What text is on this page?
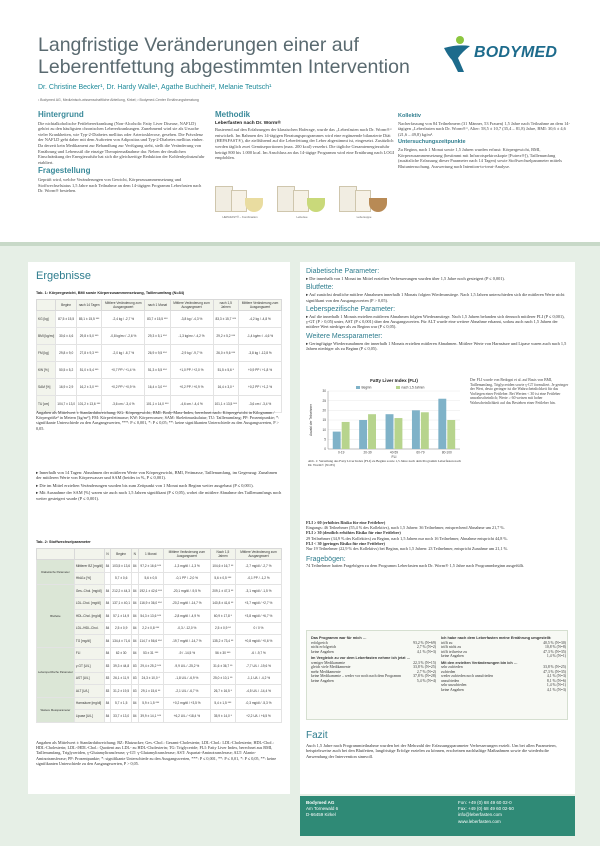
Langfristige Veränderungen einer auf Leberentfettung abgestimmten Intervention
BODYMED
Dr. Christine Becker¹, Dr. Hardy Walle¹, Agathe Buchheit², Melanie Teutsch¹
¹ Bodymed AG, Medizinisch-wissenschaftliche Abteilung, Kirkel; ² Bodymed-Center Ernährungsberatung
Hintergrund
Die nichtalkoholische Fettlebererkrankung (Non-Alcoholic Fatty Liver Disease, NAFLD) gehört zu den häufigsten chronischen Lebererkrankungen. Zunehmend wird sie als Ursache vieler Krankheiten, wie Typ-2-Diabetes mellitus oder Arteriosklerose, gesehen. Die Prävalenz der NAFLD geht daher mit dem Auftreten von Adipositas und Typ-2-Diabetes mellitus einher. Da derzeit kein Medikament zur Behandlung zur Verfügung steht, stellt die Veränderung von Ernährung und Lebensstil die einzige Therapiemaßnahme dar. Neben der deutlichen Einschränkung der Energiezufuhr hat sich die gleichzeitige Reduktion der Kohlenhydratzufuhr etabliert.
Fragestellung
Geprüft wird, welche Veränderungen von Gewicht, Körperzusammensetzung und Stoffwechselstatus 1,5 Jahre nach Teilnahme an dem 14-tägigen Programm Leberfasten nach Dr. Worm® bestehen.
Methodik
Leberfasten nach Dr. Worm®
Basierend auf den Erfahrungen der klassischen Haferage, wurde das „Leberfasten nach Dr. Worm®“ entwickelt. Im Rahmen des 14-tägigen Beratungsprogrammes wird eine ergänzende bilanzierte Diät (HEPAFAST®), die zielführend auf die Leberfettung der Leber abgestimmt ist, eingesetzt. Zusätzlich werden täglich zwei Gemüseportionen (max. 200 kcal) verzehrt. Die tägliche Gesamtenergiezufuhr beträgt 800 bis 1.000 kcal. Im Anschluss an das 14-tägige Programm wird eine Ernährung nach LOGI empfohlen.
HEPAFAST® – Kombination	Lebertee	Lebersuppe
Kollektiv
Nacherfassung von 84 Teilnehmern (31 Männer, 53 Frauen) 1,5 Jahre nach Teilnahme an dem 14-tägigen „Leberfasten nach Dr. Worm®“, Alter: 58,5 ± 10,7 (35,4 – 81,8) Jahre, BMI: 30,6 ± 4,6 (21,6 – 49,8) kg/m².
Untersuchungszeitpunkte
Zu Beginn, nach 1 Monat sowie 1,5 Jahren wurden erfasst: Körpergewicht, BMI, Körperzusammensetzung (bestimmt mit Infrarotspektroskopie [Futrex®]), Taillenumfang (zusätzliche Erfassung dieser Parameter nach 14 Tagen) sowie Stoffwechselparameter mittels Blutuntersuchung. Auswertung nach Intention-to-treat-Analyse.
Ergebnisse
Tab. 1: Körpergewicht, BMI sowie Körperzusammensetzung, Taillenumfang (N=84)
	Beginn	nach 14 Tagen	Mittlere Veränderung zum Ausgangswert	nach 1 Monat	Mittlere Veränderung zum Ausgangswert	nach 1,5 Jahren	Mittlere Veränderung zum Ausgangswert
KG [kg]	87,5 ± 15,5	85,1 ± 15,5 ***	-2,4 kg / -2,7 %	83,7 ± 15,5 ***	-3,8 kg / -4,3 %	83,3 ± 15,7 ***	-4,2 kg / -4,8 %
BMI [kg/m²]	30,6 ± 4,6	29,8 ± 5,0 ***	-0,8 kg/m² / -2,6 %	29,3 ± 5,1 ***	-1,3 kg/m² / -4,2 %	29,2 ± 5,2 ***	-1,4 kg/m² / -4,6 %
FM [kg]	29,8 ± 9,0	27,8 ± 9,3 ***	-2,0 kg / -6,7 %	26,9 ± 9,5 ***	-2,9 kg / -9,7 %	26,0 ± 9,6 ***	-3,8 kg / -12,8 %
KW [%]	50,5 ± 5,2	51,0 ± 5,4 ***	+0,7 PP / +1,4 %	51,3 ± 5,5 ***	+1,0 PP / +2,0 %	51,5 ± 5,6 *	+0,9 PP / +1,8 %
SAM [%]	16,9 ± 2,9	16,2 ± 3,0 ***	+0,2 PP / +0,9 %	16,4 ± 3,0 ***	+0,2 PP / +0,9 %	16,4 ± 3,0 *	+0,2 PP / +1,2 %
TU [cm]	104,7 ± 13,0	101,2 ± 13,6 ***	-3,6 cm / -3,4 %	101,1 ± 14,0 ***	-4,6 cm / -4,4 %	101,1 ± 13,5 ***	-3,6 cm / -3,4 %
Angaben als Mittelwert ± Standardabweichung; KG: Körpergewicht; BMI: Body-Mass-Index, berechnet nach: Körpergewicht in Kilogramm / Körpergröße² in Metern [kg/m²]; FM: Körperfettmasse; KW: Körperwasser; SAM: Skelettmuskulatur; TU: Taillenumfang; PP: Prozentpunkte; *: signifikante Unterschiede zu den Ausgangswerten, ***: P ≤ 0,001, *: P ≤ 0,05; **: keine signifikanten Unterschiede zu den Ausgangswerten, P > 0,05.
▸ Innerhalb von 14 Tagen: Abnahmen der mittleren Werte von Körpergewicht, BMI, Fettmasse, Taillenumfang, im Gegenzug: Zunahmen der mittleren Werte von Körperwasser und SAM (beides in %, P ≤ 0,001).
▸ Die im Mittel erzielten Veränderungen wurden bis zum Zeitpunkt von 1 Monat nach Beginn weiter ausgebaut (P ≤ 0,001).
▸ Mit Ausnahme der SAM [%] waren sie auch nach 1,5 Jahren signifikant (P ≤ 0,05), wobei die mittlere Abnahme des Taillenumfangs noch weiter gesteigert wurde (P ≤ 0,001).
Tab. 2: Stoffwechselparameter
		N	Beginn	N	1 Monat	Mittlere Veränderung zum Ausgangswert	Nach 1,5 Jahren	Mittlere Veränderung zum Ausgangswert
Diabetische Parameter	Mittlerer BZ [mg/dl]	84	103,5 ± 13,6	84	97,2 ± 16,6 ***	-1,3 mg/dl / -1,3 %	104,6 ± 16,7 **	-2,7 mg/dl / -2,7 %
	HbA1c [%]		5,7 ± 0,6		5,6 ± 0,5	-0,1 PP / -2,0 %	5,6 ± 0,5 ***	-0,1 PP / -1,2 %
Blutfette	Ges.-Chol. [mg/dl]	84	212,2 ± 44,3	84	192,1 ± 42,6 ***	-20,1 mg/dl / -9,5 %	209,1 ± 47,3 **	-3,1 mg/dl / -1,5 %
	LDL-Chol. [mg/dl]	84	137,1 ± 40,1	84	116,9 ± 36,0 ***	-20,2 mg/dl / -14,7 %	140,8 ± 41,6 **	+3,7 mg/dl / +2,7 %
	HDL-Chol. [mg/dl]	84	57,1 ± 14,9	84	54,3 ± 13,6 ***	-2,8 mg/dl / -4,9 %	60,9 ± 17,8 *	+3,8 mg/dl / +6,7 %
	LDL-/HDL-Chol.	84	2,5 ± 0,9	84	2,2 ± 0,8 ***	-0,3 / -12,0 %	2,5 ± 0,9 **	0 / 0 %
	TG [mg/dl]	84	134,4 ± 71,6	84	114,7 ± 56,6 ***	-19,7 mg/dl / -14,7 %	135,2 ± 73,4 **	+0,8 mg/dl / +0,6 %
Leberspezifische Parameter	FLI	84	62 ± 30	84	53 ± 31 ***	-9 / -14,5 %	56 ± 30 ***	-6 / -9,7 %
	γ-GT [U/L]	83	39,3 ± 44,8	83	29,4 ± 25,2 ***	-9,9 U/L / -25,2 %	31,6 ± 36,7 **	-7,7 U/L / -19,6 %
	AST [U/L]	83	26,1 ± 11,9	83	24,3 ± 10,0 *	-1,8 U/L / -6,9 %	25,0 ± 10,1 **	-1,1 U/L / -4,2 %
	ALT [U/L]	83	31,2 ± 19,5	83	29,1 ± 15,6 **	-2,1 U/L / -6,7 %	26,7 ± 16,5 *	-4,5 U/L / -14,4 %
Weitere Messparameter	Harnsäure [mg/dl]	84	5,7 ± 1,5	84	5,9 ± 1,5 ***	+0,2 mg/dl / +3,5 %	5,4 ± 1,5 ***	-0,3 mg/dl / -5,3 %
	Lipase [U/L]	84	33,7 ± 13,0	84	39,9 ± 14,1 ***	+6,2 U/L / +18,4 %	35,9 ± 14,0 *	+2,2 U/L / +6,5 %
Angaben als Mittelwert ± Standardabweichung; BZ: Blutzucker; Ges.-Chol.: Gesamt-Cholesterin; LDL-Chol.: LDL-Cholesterin; HDL-Chol.: HDL-Cholesterin; LDL-/HDL-Chol.: Quotient aus LDL- zu HDL-Cholesterin; TG: Triglyceride; FLI: Fatty Liver Index, berechnet aus BMI, Taillenumfang, Triglyceriden, γ-Glutamyltransferase; γ-GT: γ-Glutamyltransferase; AST: Aspartat-Aminotransferase; ALT: Alanin-Aminotransferase; PP: Prozentpunkte; *: signifikante Unterschiede zu den Ausgangswerten, ***: P ≤ 0,001, **: P ≤ 0,01, *: P ≤ 0,05, **: keine signifikanten Unterschiede zu den Ausgangswerten, P > 0,05.
Diabetische Parameter:
▸ Die innerhalb von 1 Monat im Mittel erzielten Verbesserungen wurden über 1,5 Jahre noch gesteigert (P ≤ 0,001).
Blutfette:
▸ Auf zunächst deutliche mittlere Abnahmen innerhalb 1 Monats folgten Wiederanstiege. Nach 1,5 Jahren unterschieden sich die mittleren Werte nicht signifikant von den Ausgangswerten (P > 0,05).
Leberspezifische Parameter:
▸ Auf die innerhalb 1 Monats erzielten mittleren Abnahmen folgten Wiederanstiege. Nach 1,5 Jahren befanden sich dennoch mittlerer FLI (P ≤ 0,001), γ-GT (P > 0,05) unter, AST (P ≤ 0,001) über den Ausgangswerten. Für ALT wurde eine weitere Abnahme erkannt, sodass auch nach 1,5 Jahren der mittlere Wert niedriger als zu Beginn war (P ≤ 0,05).
Weitere Messparameter:
▸ Geringfügige Wiederzunahmen der innerhalb 1 Monats erzielten mittleren Abnahmen. Mittlere Werte von Harnsäure und Lipase waren auch nach 1,5 Jahren niedriger als zu Beginn (P ≤ 0,05).
Fatty Liver Index (FLI)
0
5
10
15
20
25
30
0-19	20-39	40-59	60-79	80-100
FLI
Anzahl der Teilnehmer
Beginn	nach 1,5 Jahren
Abb. 1: Verteilung des Fatty Liver Index (FLI) zu Beginn sowie 1,5 Jahre nach dem Programm Leberfasten nach Dr. Worm® (N=83)
Der FLI wurde von Bedogni et al. auf Basis von BMI, Taillenumfang, Triglyceriden sowie γ-GT formuliert. Je geringer der Wert, desto geringer ist die Wahrscheinlichkeit für das Vorliegen einer Fettleber. Bei Werten < 30 ist eine Fettleber unwahrscheinlich; Werte ≥ 60 weisen mit hoher Wahrscheinlichkeit auf das Bestehen einer Fettleber hin.
FLI ≥ 60 (erhöhtes Risiko für eine Fettleber)
Eingangs: 46 Teilnehmer (55,4 % des Kollektivs), nach 1,5 Jahren: 36 Teilnehmer, entsprechend Abnahme um 21,7 %.
FLI ≥ 30 (deutlich erhöhtes Risiko für eine Fettleber)
29 Teilnehmer (34,9 % des Kollektivs) zu Beginn, nach 1,5 Jahren nur noch 16 Teilnehmer, Abnahme entspricht 44,8 %.
FLI < 30 (geringes Risiko für eine Fettleber)
Nur 19 Teilnehmer (22,9 % des Kollektivs) bei Beginn, nach 1,5 Jahren: 23 Teilnehmer, entspricht Zunahme um 21,1 %.
Fragebögen:
74 Teilnehmer hatten Fragebögen zu dem Programm Leberfasten nach Dr. Worm® 1,5 Jahre nach Programmbeginn ausgefüllt.
Das Programm war für mich …
erfolgreich	93,2 % (N=69)
nicht erfolgreich	2,7 % (N=2)
keine Angaben	4,1 % (N=3)
Im Vergleich zu vor dem Leberfasten nehme ich jetzt …
weniger Medikamente	22,3 % (N=15)
gleich viele Medikamente	33,8 % (N=25)
mehr Medikamente	2,7 % (N=2)
keine Medikamente – weder vor noch nach dem Programm	37,8 % (N=28)
keine Angaben	5,4 % (N=4)
Ich habe nach dem Leberfasten meine Ernährung umgestellt:
trifft zu	40,5 % (N=30)
trifft nicht zu	10,8 % (N=8)
trifft teilweise zu	47,3 % (N=35)
keine Angaben	1,4 % (N=1)
Mit den erzielten Veränderungen bin ich …
sehr zufrieden	33,8 % (N=25)
zufrieden	47,3 % (N=35)
weder zufrieden noch unzufrieden	4,1 % (N=3)
unzufrieden	8,1 % (N=6)
sehr unzufrieden	1,4 % (N=1)
keine Angaben	4,1 % (N=3)
Fazit
Auch 1,5 Jahre nach Programmteilnahme wurden bei der Mehrzahl der Erfassungsparameter Verbesserungen erzielt. Um bei allen Parametern, beispielsweise auch bei den Blutfetten, langfristige Erfolge erzielen zu können, erscheinen nachhaltige Maßnahmen sowie die wiederholte Anwendung der Intervention sinnvoll.
Bodymed AG
Am Tornewald 6
D-66459 Kirkel
Fon: +49 (0) 68 49 60 02-0
Fax: +49 (0) 68 49 60 02-50
info@leberfasten.com
www.leberfasten.com
